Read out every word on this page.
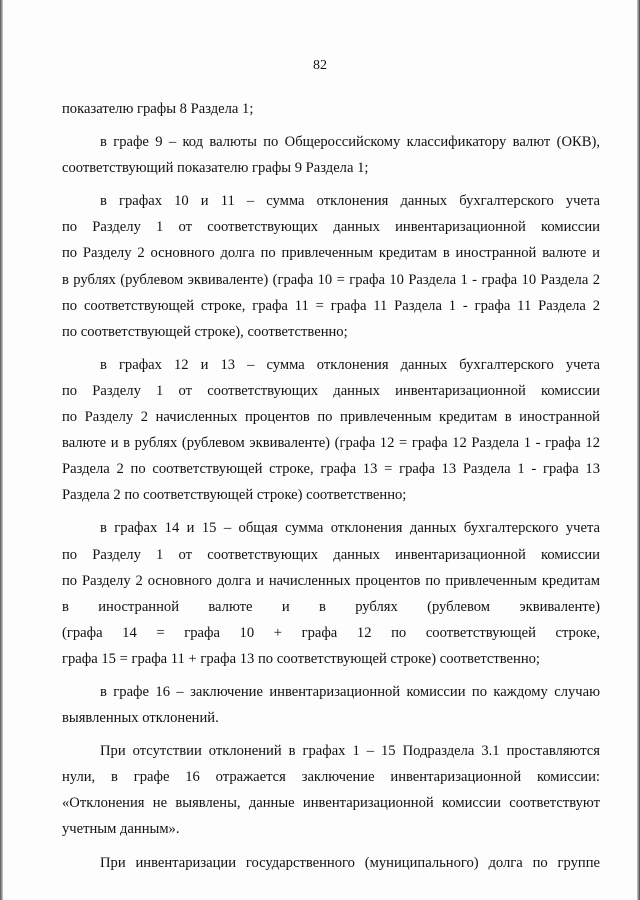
82
показателю графы 8 Раздела 1;
в графе 9 – код валюты по Общероссийскому классификатору валют (ОКВ),
соответствующий показателю графы 9 Раздела 1;
в графах 10 и 11 – сумма отклонения данных бухгалтерского учета
по Разделу 1 от соответствующих данных инвентаризационной комиссии
по Разделу 2 основного долга по привлеченным кредитам в иностранной валюте и
в рублях (рублевом эквиваленте) (графа 10 = графа 10 Раздела 1 - графа 10 Раздела 2
по соответствующей строке, графа 11 = графа 11 Раздела 1 - графа 11 Раздела 2
по соответствующей строке), соответственно;
в графах 12 и 13 – сумма отклонения данных бухгалтерского учета
по Разделу 1 от соответствующих данных инвентаризационной комиссии
по Разделу 2 начисленных процентов по привлеченным кредитам в иностранной
валюте и в рублях (рублевом эквиваленте) (графа 12 = графа 12 Раздела 1 - графа 12
Раздела 2 по соответствующей строке, графа 13 = графа 13 Раздела 1 - графа 13
Раздела 2 по соответствующей строке) соответственно;
в графах 14 и 15 – общая сумма отклонения данных бухгалтерского учета
по Разделу 1 от соответствующих данных инвентаризационной комиссии
по Разделу 2 основного долга и начисленных процентов по привлеченным кредитам
в иностранной валюте и в рублях (рублевом эквиваленте)
(графа 14 = графа 10 + графа 12 по соответствующей строке,
графа 15 = графа 11 + графа 13 по соответствующей строке) соответственно;
в графе 16 – заключение инвентаризационной комиссии по каждому случаю
выявленных отклонений.
При отсутствии отклонений в графах 1 – 15 Подраздела 3.1 проставляются
нули, в графе 16 отражается заключение инвентаризационной комиссии:
«Отклонения не выявлены, данные инвентаризационной комиссии соответствуют
учетным данным».
При инвентаризации государственного (муниципального) долга по группе
